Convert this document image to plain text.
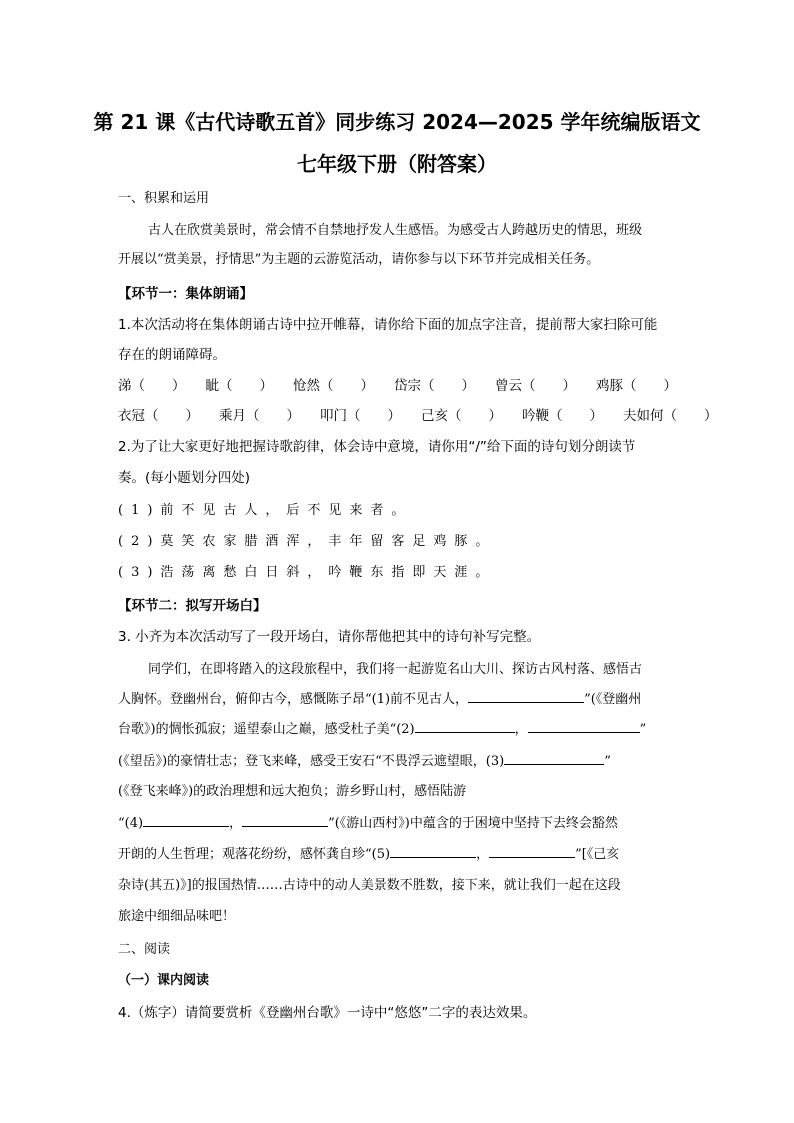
第 21 课《古代诗歌五首》同步练习 2024—2025 学年统编版语文
七年级下册（附答案）
一、积累和运用
古人在欣赏美景时，常会情不自禁地抒发人生感悟。为感受古人跨越历史的情思，班级
开展以“赏美景，抒情思”为主题的云游览活动，请你参与以下环节并完成相关任务。
【环节一：集体朗诵】
1.本次活动将在集体朗诵古诗中拉开帷幕，请你给下面的加点字注音，提前帮大家扫除可能
存在的朗诵障碍。
涕（　　） 眦（　　） 怆然（　　） 岱宗（　　） 曾云（　　） 鸡豚（　　）
衣冠（　　） 乘月（　　） 叩门（　　） 己亥（　　） 吟鞭（　　） 夫如何（　　）
2.为了让大家更好地把握诗歌韵律，体会诗中意境，请你用“/”给下面的诗句划分朗读节
奏。(每小题划分四处)
(1)前不见古人，后不见来者。
(2)莫笑农家腊酒浑，丰年留客足鸡豚。
(3)浩荡离愁白日斜，吟鞭东指即天涯。
【环节二：拟写开场白】
3. 小齐为本次活动写了一段开场白，请你帮他把其中的诗句补写完整。
同学们，在即将踏入的这段旅程中，我们将一起游览名山大川、探访古风村落、感悟古
人胸怀。登幽州台，俯仰古今，感慨陈子昂“(1)前不见古人，	”(《登幽州
台歌》)的惆怅孤寂；遥望泰山之巅，感受杜子美“(2)	，	”
(《望岳》)的豪情壮志；登飞来峰，感受王安石“不畏浮云遮望眼，(3)	”
(《登飞来峰》)的政治理想和远大抱负；游乡野山村，感悟陆游
“(4)	，	”(《游山西村》)中蕴含的于困境中坚持下去终会豁然
开朗的人生哲理；观落花纷纷，感怀龚自珍“(5)	，	”[《己亥
杂诗(其五)》]的报国热情……古诗中的动人美景数不胜数，接下来，就让我们一起在这段
旅途中细细品味吧！
二、阅读
（一）课内阅读
4.（炼字）请简要赏析《登幽州台歌》一诗中“悠悠”二字的表达效果。
